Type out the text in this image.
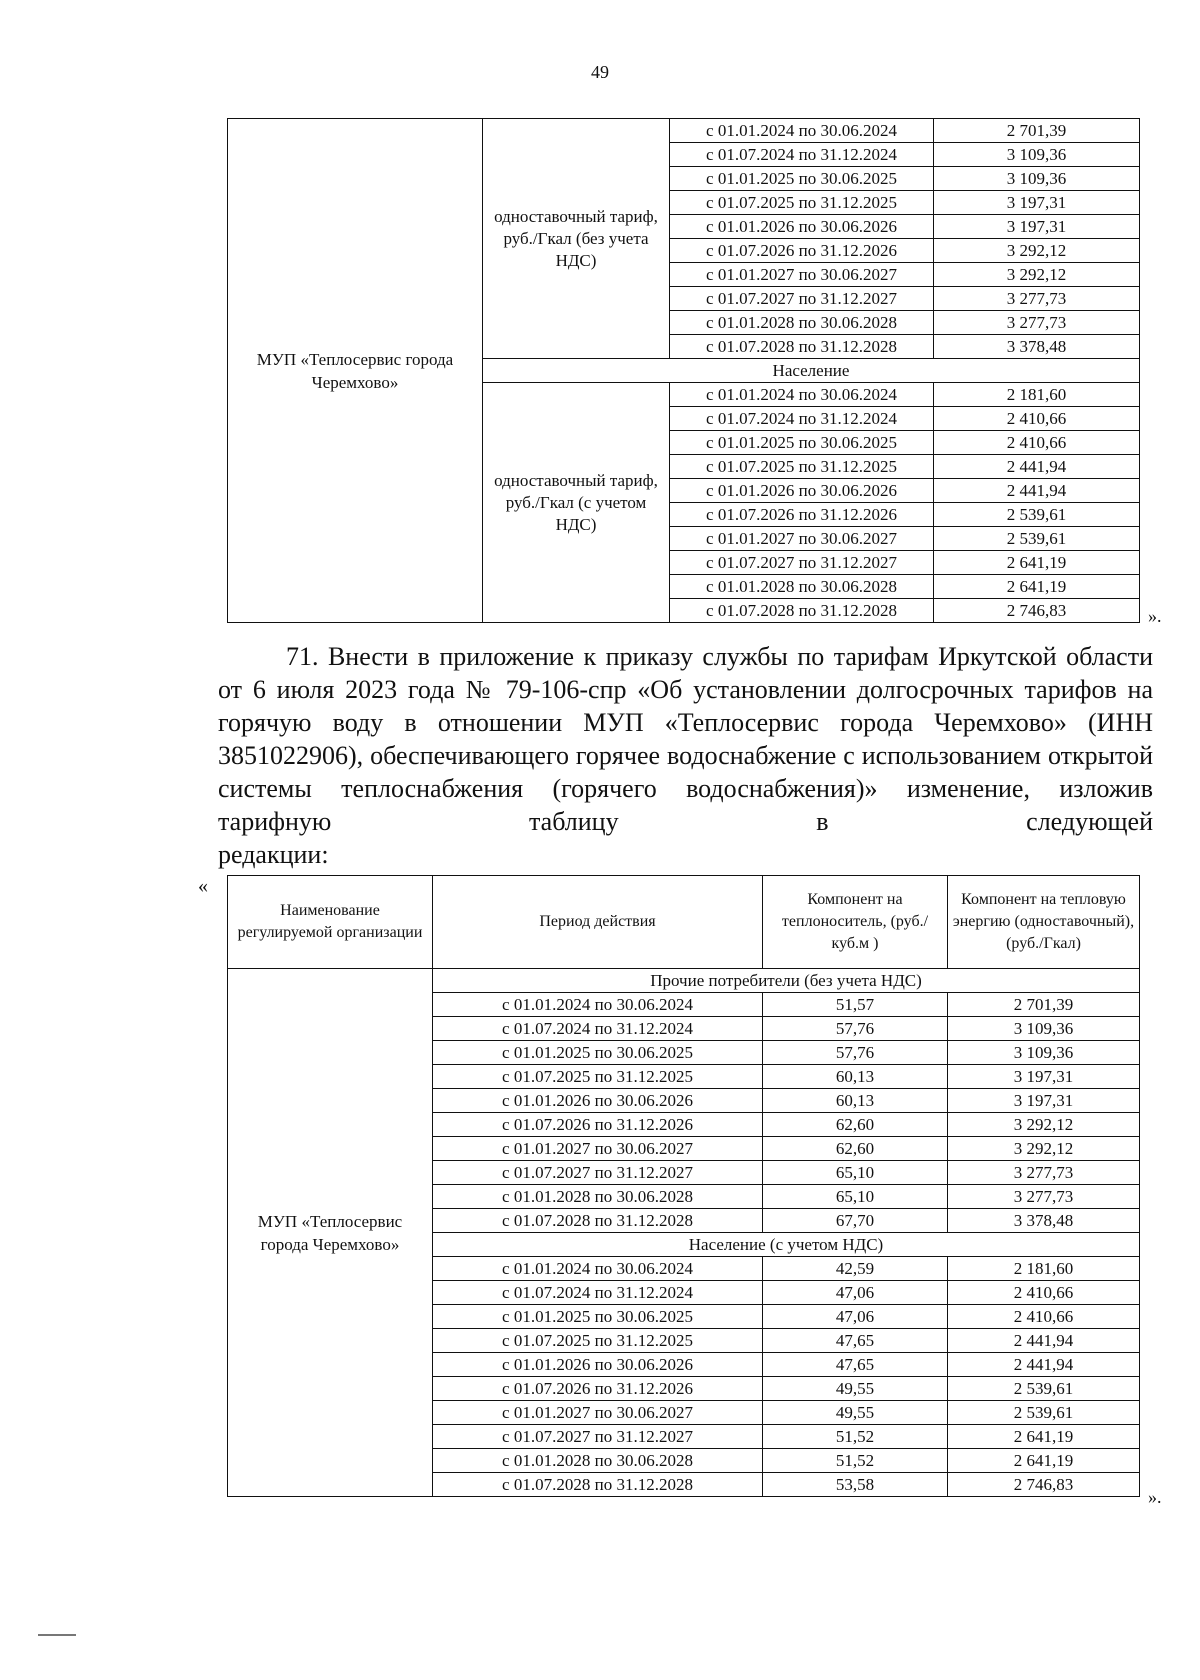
49
МУП «Теплосервис города Черемхово»	одноставочный тариф, руб./Гкал (без учета НДС)	с 01.01.2024 по 30.06.2024	2 701,39
		с 01.07.2024 по 31.12.2024	3 109,36
		с 01.01.2025 по 30.06.2025	3 109,36
		с 01.07.2025 по 31.12.2025	3 197,31
		с 01.01.2026 по 30.06.2026	3 197,31
		с 01.07.2026 по 31.12.2026	3 292,12
		с 01.01.2027 по 30.06.2027	3 292,12
		с 01.07.2027 по 31.12.2027	3 277,73
		с 01.01.2028 по 30.06.2028	3 277,73
		с 01.07.2028 по 31.12.2028	3 378,48
	Население		
	одноставочный тариф, руб./Гкал (с учетом НДС)	с 01.01.2024 по 30.06.2024	2 181,60
		с 01.07.2024 по 31.12.2024	2 410,66
		с 01.01.2025 по 30.06.2025	2 410,66
		с 01.07.2025 по 31.12.2025	2 441,94
		с 01.01.2026 по 30.06.2026	2 441,94
		с 01.07.2026 по 31.12.2026	2 539,61
		с 01.01.2027 по 30.06.2027	2 539,61
		с 01.07.2027 по 31.12.2027	2 641,19
		с 01.01.2028 по 30.06.2028	2 641,19
		с 01.07.2028 по 31.12.2028	2 746,83	».
71. Внести в приложение к приказу службы по тарифам Иркутской области от 6 июля 2023 года № 79-106-спр «Об установлении долгосрочных тарифов на горячую воду в отношении МУП «Теплосервис города Черемхово» (ИНН 3851022906), обеспечивающего горячее водоснабжение с использованием открытой системы теплоснабжения (горячего водоснабжения)» изменение, изложив тарифную таблицу в следующей
редакции:
«
Наименование регулируемой организации	Период действия	Компонент на теплоноситель, (руб./куб.м )	Компонент на тепловую энергию (одноставочный), (руб./Гкал)
МУП «Теплосервис города Черемхово»	Прочие потребители (без учета НДС)		
	с 01.01.2024 по 30.06.2024	51,57	2 701,39
	с 01.07.2024 по 31.12.2024	57,76	3 109,36
	с 01.01.2025 по 30.06.2025	57,76	3 109,36
	с 01.07.2025 по 31.12.2025	60,13	3 197,31
	с 01.01.2026 по 30.06.2026	60,13	3 197,31
	с 01.07.2026 по 31.12.2026	62,60	3 292,12
	с 01.01.2027 по 30.06.2027	62,60	3 292,12
	с 01.07.2027 по 31.12.2027	65,10	3 277,73
	с 01.01.2028 по 30.06.2028	65,10	3 277,73
	с 01.07.2028 по 31.12.2028	67,70	3 378,48
	Население (с учетом НДС)		
	с 01.01.2024 по 30.06.2024	42,59	2 181,60
	с 01.07.2024 по 31.12.2024	47,06	2 410,66
	с 01.01.2025 по 30.06.2025	47,06	2 410,66
	с 01.07.2025 по 31.12.2025	47,65	2 441,94
	с 01.01.2026 по 30.06.2026	47,65	2 441,94
	с 01.07.2026 по 31.12.2026	49,55	2 539,61
	с 01.01.2027 по 30.06.2027	49,55	2 539,61
	с 01.07.2027 по 31.12.2027	51,52	2 641,19
	с 01.01.2028 по 30.06.2028	51,52	2 641,19
	с 01.07.2028 по 31.12.2028	53,58	2 746,83
».
